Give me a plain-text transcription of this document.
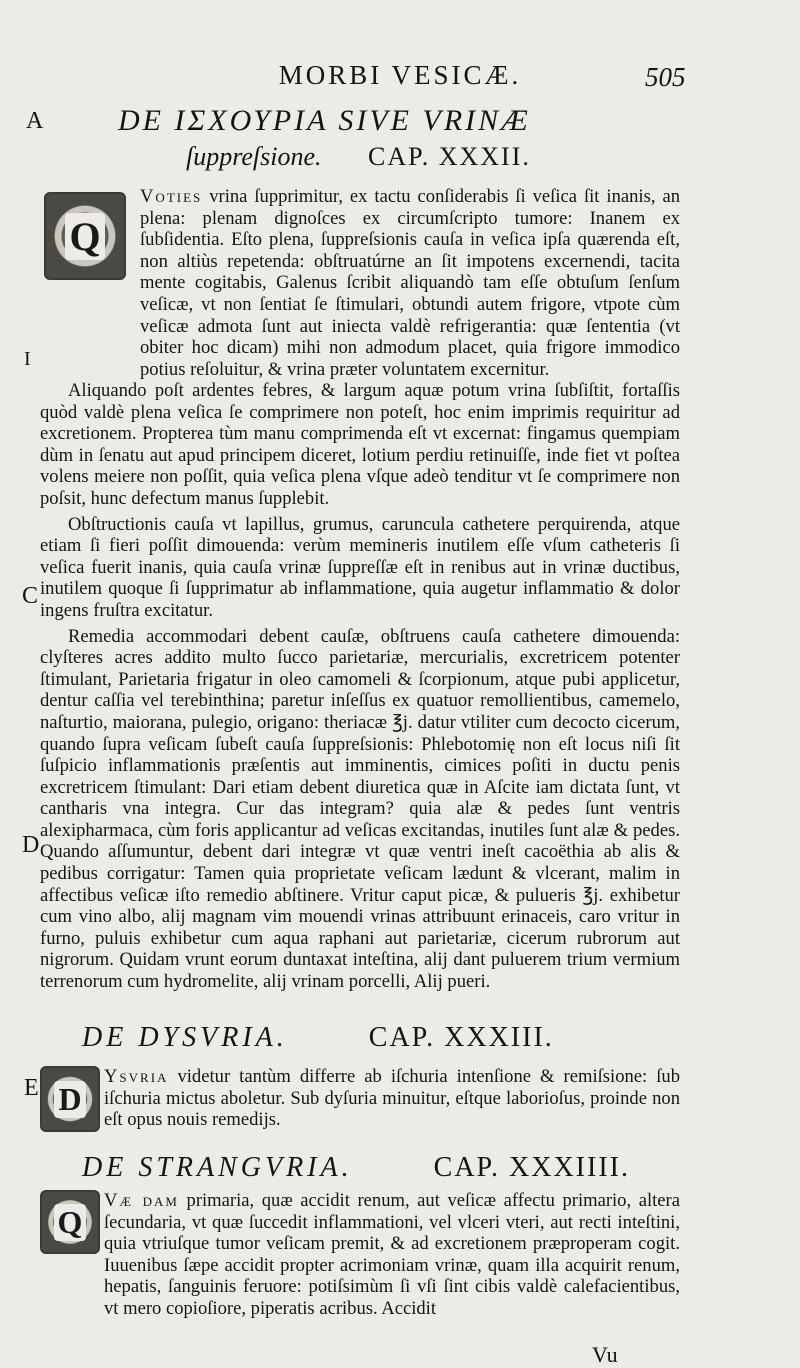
MORBI VESICÆ.	505
A
I
C
D
E
DE ΙΣΧΟΥΡΙΑ SIVE VRINÆ
ſuppreſsione. CAP. XXXII.
Q

Votiεs vrina ſupprimitur, ex tactu conſiderabis ſi veſica ſit inanis, an plena: plenam dignoſces ex circumſcripto tumore: Inanem ex ſubſidentia. Eſto plena, ſuppreſsionis cauſa in veſica ipſa quærenda eſt, non altiùs repetenda: obſtruatúrne an ſit impotens excernendi, tacita mente cogitabis, Galenus ſcribit aliquandò tam eſſe obtuſum ſenſum veſicæ, vt non ſentiat ſe ſtimulari, obtundi autem frigore, vtpote cùm veſicæ admota ſunt aut iniecta valdè refrigerantia: quæ ſententia (vt obiter hoc dicam) mihi non admodum placet, quia frigore immodico potius reſoluitur, & vrina præter voluntatem excernitur.

Aliquando poſt ardentes febres, & largum aquæ potum vrina ſubſiſtit, fortaſſis quòd valdè plena veſica ſe comprimere non poteſt, hoc enim imprimis requiritur ad excretionem. Propterea tùm manu comprimenda eſt vt excernat: fingamus quempiam dùm in ſenatu aut apud principem diceret, lotium perdiu retinuiſſe, inde fiet vt poſtea volens meiere non poſſit, quia veſica plena vſque adeò tenditur vt ſe comprimere non poſsit, hunc defectum manus ſupplebit.

Obſtructionis cauſa vt lapillus, grumus, caruncula cathetere perquirenda, atque etiam ſi fieri poſſit dimouenda: verùm memineris inutilem eſſe vſum catheteris ſi veſica fuerit inanis, quia cauſa vrinæ ſuppreſſæ eſt in renibus aut in vrinæ ductibus, inutilem quoque ſi ſupprimatur ab inflammatione, quia augetur inflammatio & dolor ingens fruſtra excitatur.

Remedia accommodari debent cauſæ, obſtruens cauſa cathetere dimouenda: clyſteres acres addito multo ſucco parietariæ, mercurialis, excretricem potenter ſtimulant, Parietaria frigatur in oleo camomeli & ſcorpionum, atque pubi applicetur, dentur caſſia vel terebinthina; paretur inſeſſus ex quatuor remollientibus, camemelo, naſturtio, maiorana, pulegio, origano: theriacæ ℥j. datur vtiliter cum decocto cicerum, quando ſupra veſicam ſubeſt cauſa ſuppreſsionis: Phlebotomię non eſt locus niſi ſit ſuſpicio inflammationis præſentis aut imminentis, cimices poſiti in ductu penis excretricem ſtimulant: Dari etiam debent diuretica quæ in Aſcite iam dictata ſunt, vt cantharis vna integra. Cur das integram? quia alæ & pedes ſunt ventris alexipharmaca, cùm foris applicantur ad veſicas excitandas, inutiles ſunt alæ & pedes. Quando aſſumuntur, debent dari integræ vt quæ ventri ineſt cacoëthia ab alis & pedibus corrigatur: Tamen quia proprietate veſicam lædunt & vlcerant, malim in affectibus veſicæ iſto remedio abſtinere. Vritur caput picæ, & pulueris ℥j. exhibetur cum vino albo, alij magnam vim mouendi vrinas attribuunt erinaceis, caro vritur in furno, puluis exhibetur cum aqua raphani aut parietariæ, cicerum rubrorum aut nigrorum. Quidam vrunt eorum duntaxat inteſtina, alij dant puluerem trium vermium terrenorum cum hydromelite, alij vrinam porcelli, Alij pueri.

DE DYSVRIA.	CAP. XXXIII.
D

Ysvria videtur tantùm differre ab iſchuria intenſione & remiſsione: ſub iſchuria mictus aboletur. Sub dyſuria minuitur, eſtque laborioſus, proinde non eſt opus nouis remedijs.

DE STRANGVRIA.	CAP. XXXIIII.
Q

Væ dam primaria, quæ accidit renum, aut veſicæ affectu primario, altera ſecundaria, vt quæ ſuccedit inflammationi, vel vlceri vteri, aut recti inteſtini, quia vtriuſque tumor veſicam premit, & ad excretionem præproperam cogit. Iuuenibus ſæpe accidit propter acrimoniam vrinæ, quam illa acquirit renum, hepatis, ſanguinis feruore: potiſsimùm ſi vſi ſint cibis valdè calefacientibus, vt mero copioſiore, piperatis acribus. Accidit

Vu
